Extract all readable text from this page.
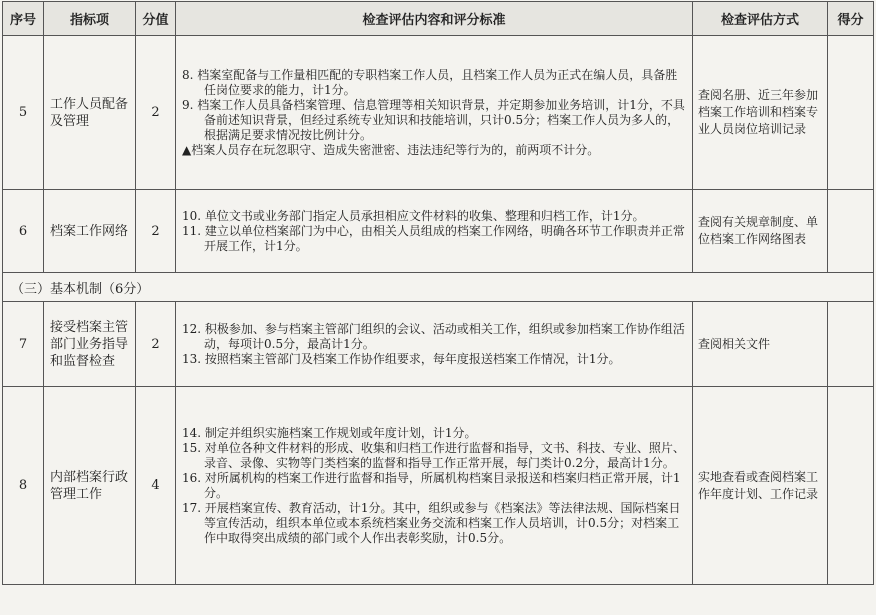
序号	指标项	分值	检查评估内容和评分标准	检查评估方式	得分
5	工作人员配备及管理	2	8. 档案室配备与工作量相匹配的专职档案工作人员，且档案工作人员为正式在编人员，具备胜任岗位要求的能力，计1分。

9. 档案工作人员具备档案管理、信息管理等相关知识背景，并定期参加业务培训，计1分，不具备前述知识背景，但经过系统专业知识和技能培训，只计0.5分；档案工作人员为多人的，根据满足要求情况按比例计分。

▲档案人员存在玩忽职守、造成失密泄密、违法违纪等行为的，前两项不计分。	查阅名册、近三年参加档案工作培训和档案专业人员岗位培训记录	
6	档案工作网络	2	10. 单位文书或业务部门指定人员承担相应文件材料的收集、整理和归档工作，计1分。

11. 建立以单位档案部门为中心，由相关人员组成的档案工作网络，明确各环节工作职责并正常开展工作，计1分。	查阅有关规章制度、单位档案工作网络图表	
（三）基本机制（6分）					
7	接受档案主管部门业务指导和监督检查	2	12. 积极参加、参与档案主管部门组织的会议、活动或相关工作，组织或参加档案工作协作组活动，每项计0.5分，最高计1分。

13. 按照档案主管部门及档案工作协作组要求，每年度报送档案工作情况，计1分。	查阅相关文件	
8	内部档案行政管理工作	4	14. 制定并组织实施档案工作规划或年度计划，计1分。

15. 对单位各种文件材料的形成、收集和归档工作进行监督和指导，文书、科技、专业、照片、录音、录像、实物等门类档案的监督和指导工作正常开展，每门类计0.2分，最高计1分。

16. 对所属机构的档案工作进行监督和指导，所属机构档案目录报送和档案归档正常开展，计1分。

17. 开展档案宣传、教育活动，计1分。其中，组织或参与《档案法》等法律法规、国际档案日等宣传活动，组织本单位或本系统档案业务交流和档案工作人员培训，计0.5分；对档案工作中取得突出成绩的部门或个人作出表彰奖励，计0.5分。	实地查看或查阅档案工作年度计划、工作记录	
